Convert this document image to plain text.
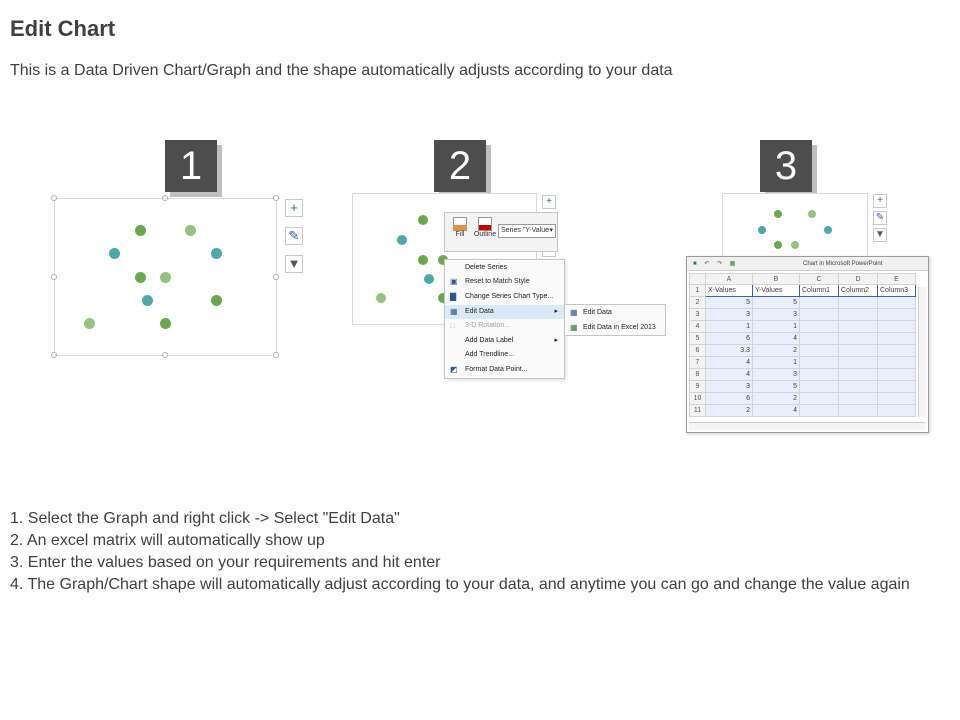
Edit Chart
This is a Data Driven Chart/Graph and the shape automatically adjusts according to your data
1	2	3
+
✎
▼
+
Fill	Outline
Series "Y-Value ▾
Delete Series
▣ Reset to Match Style
▇	Change Series Chart Type...
▦ Edit Data	▸
□	3-D Rotation...
Add Data Label	▸
Add Trendline...
◩ Format Data Point...
▦ Edit Data
▦ Edit Data in Excel 2013
+
✎
▼
■ ↶ ↷ ▦	Chart in Microsoft PowerPoint
	A	B	C	D	E
1	X-Values	Y-Values	Column1	Column2	Column3
2	5	5			
3	3	3			
4	1	1			
5	6	4			
6	3.3	2			
7	4	1			
8	4	3			
9	3	5			
10	6	2			
11	2	4			
1. Select the Graph and right click -> Select "Edit Data"
2. An excel matrix will automatically show up
3. Enter the values based on your requirements and hit enter
4. The Graph/Chart shape will automatically adjust according to your data, and anytime you can go and change the value again
